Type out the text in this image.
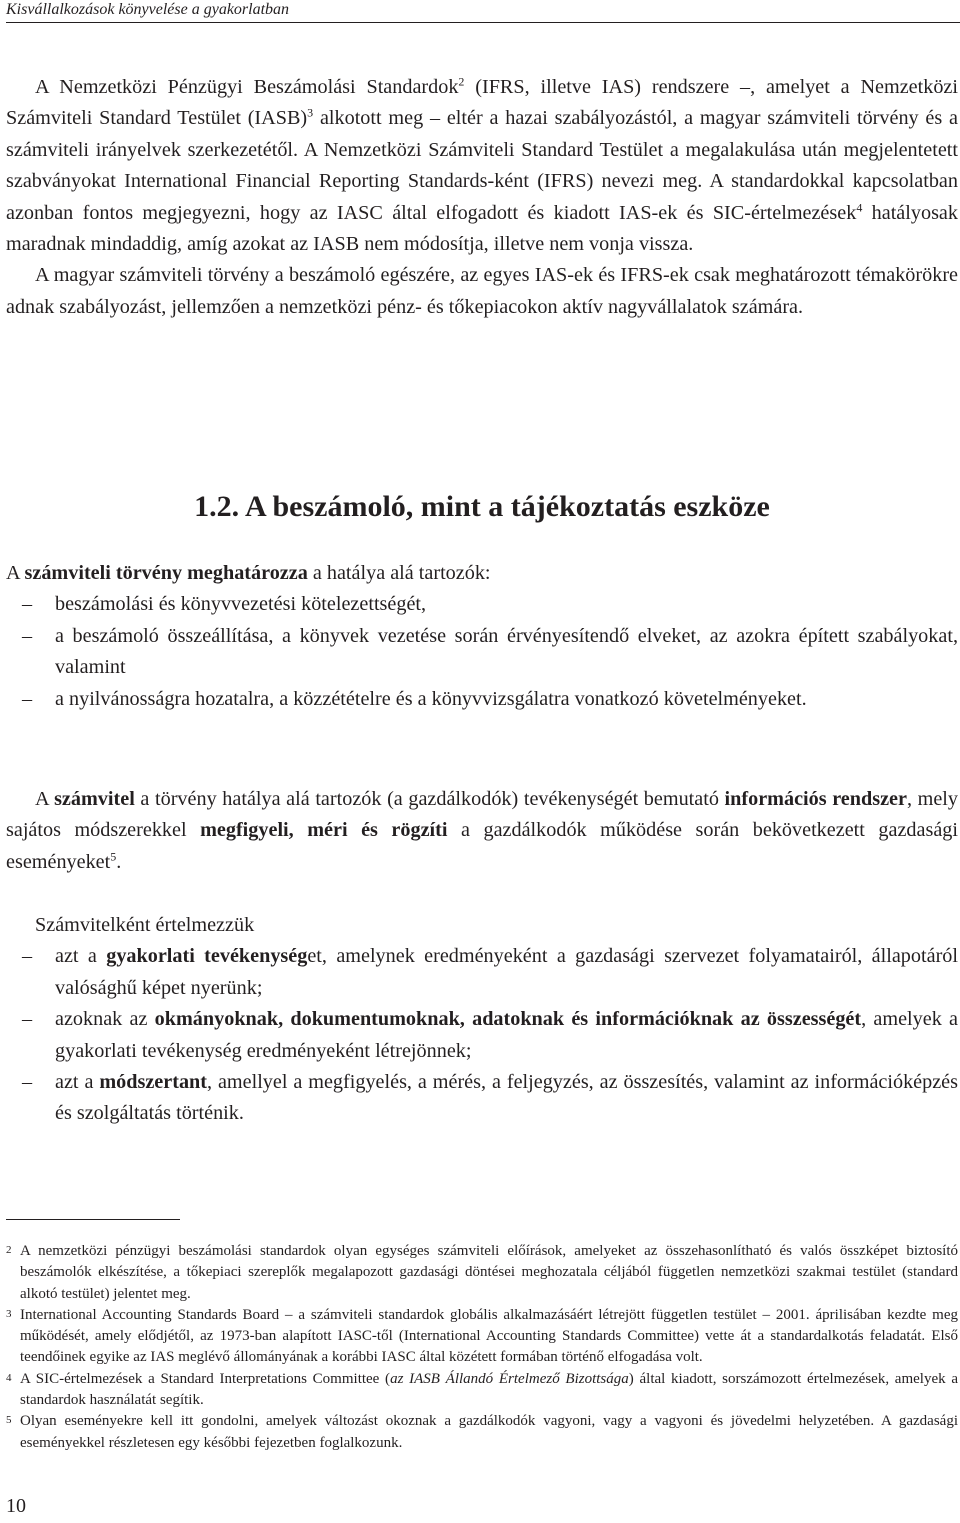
Kisvállalkozások könyvelése a gyakorlatban

A Nemzetközi Pénzügyi Beszámolási Standardok$^2$ (IFRS, illetve IAS) rendszere –, amelyet a Nemzetközi Számviteli Standard Testület (IASB)$^3$ alkotott meg – eltér a hazai szabályozástól, a magyar számviteli törvény és a számviteli irányelvek szerkezetétől. A Nemzetközi Számviteli Standard Testület a megalakulása után megjelentetett szabványokat International Financial Reporting Standards-ként (IFRS) nevezi meg. A standardokkal kapcsolatban azonban fontos megjegyezni, hogy az IASC által elfogadott és kiadott IAS-ek és SIC-értelmezések$^4$ hatályosak maradnak mindaddig, amíg azokat az IASB nem módosítja, illetve nem vonja vissza.

A magyar számviteli törvény a beszámoló egészére, az egyes IAS-ek és IFRS-ek csak meghatározott témakörökre adnak szabályozást, jellemzően a nemzetközi pénz- és tőkepiacokon aktív nagyvállalatok számára.

1.2. A beszámoló, mint a tájékoztatás eszköze

A számviteli törvény meghatározza a hatálya alá tartozók:

– beszámolási és könyvvezetési kötelezettségét,
– a beszámoló összeállítása, a könyvek vezetése során érvényesítendő elveket, az azokra épített szabályokat, valamint
– a nyilvánosságra hozatalra, a közzétételre és a könyvvizsgálatra vonatkozó követelményeket.

A számvitel a törvény hatálya alá tartozók (a gazdálkodók) tevékenységét bemutató információs rendszer, mely sajátos módszerekkel megfigyeli, méri és rögzíti a gazdálkodók működése során bekövetkezett gazdasági eseményeket$^5$.

Számvitelként értelmezzük

– azt a gyakorlati tevékenységet, amelynek eredményeként a gazdasági szervezet folyamatairól, állapotáról valósághű képet nyerünk;
– azoknak az okmányoknak, dokumentumoknak, adatoknak és információknak az összességét, amelyek a gyakorlati tevékenység eredményeként létrejönnek;
– azt a módszertant, amellyel a megfigyelés, a mérés, a feljegyzés, az összesítés, valamint az információképzés és szolgáltatás történik.
2 A nemzetközi pénzügyi beszámolási standardok olyan egységes számviteli előírások, amelyeket az összehasonlítható és valós összképet biztosító beszámolók elkészítése, a tőkepiaci szereplők megalapozott gazdasági döntései meghozatala céljából független nemzetközi szakmai testület (standard alkotó testület) jelentet meg.
3 International Accounting Standards Board – a számviteli standardok globális alkalmazásáért létrejött független testület – 2001. áprilisában kezdte meg működését, amely elődjétől, az 1973-ban alapított IASC-től (International Accounting Standards Committee) vette át a standardalkotás feladatát. Első teendőinek egyike az IAS meglévő állományának a korábbi IASC által közétett formában történő elfogadása volt.
4 A SIC-értelmezések a Standard Interpretations Committee (az IASB Állandó Értelmező Bizottsága) által kiadott, sorszámozott értelmezések, amelyek a standardok használatát segítik.
5 Olyan eseményekre kell itt gondolni, amelyek változást okoznak a gazdálkodók vagyoni, vagy a vagyoni és jövedelmi helyzetében. A gazdasági eseményekkel részletesen egy későbbi fejezetben foglalkozunk.
10
